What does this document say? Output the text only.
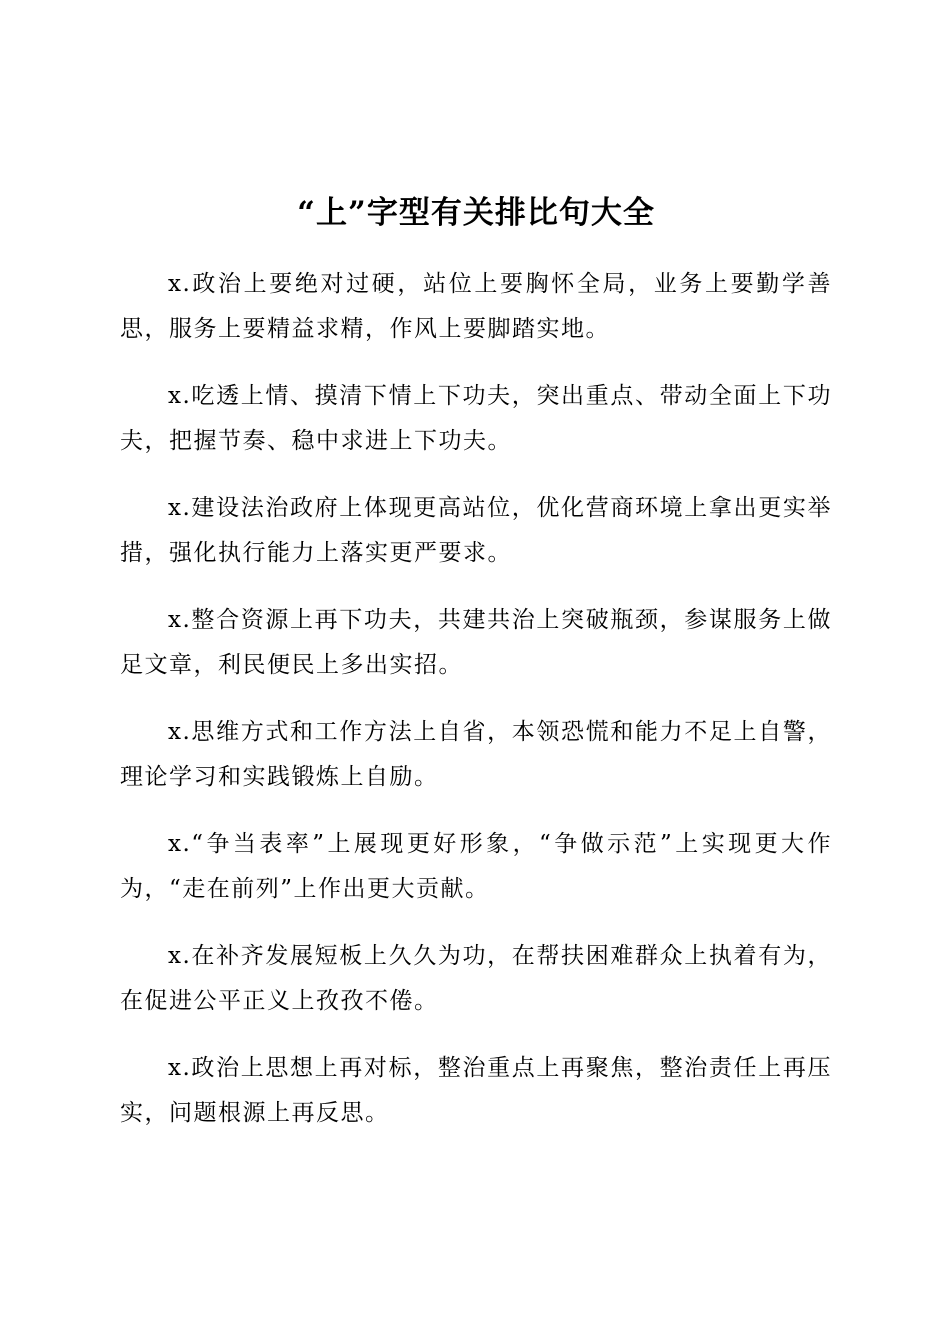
“上”字型有关排比句大全

x.政治上要绝对过硬，站位上要胸怀全局，业务上要勤学善思，服务上要精益求精，作风上要脚踏实地。

x.吃透上情、摸清下情上下功夫，突出重点、带动全面上下功夫，把握节奏、稳中求进上下功夫。

x.建设法治政府上体现更高站位，优化营商环境上拿出更实举措，强化执行能力上落实更严要求。

x.整合资源上再下功夫，共建共治上突破瓶颈，参谋服务上做足文章，利民便民上多出实招。

x.思维方式和工作方法上自省，本领恐慌和能力不足上自警，理论学习和实践锻炼上自励。

x.“争当表率”上展现更好形象，“争做示范”上实现更大作为，“走在前列”上作出更大贡献。

x.在补齐发展短板上久久为功，在帮扶困难群众上执着有为，在促进公平正义上孜孜不倦。

x.政治上思想上再对标，整治重点上再聚焦，整治责任上再压实，问题根源上再反思。
